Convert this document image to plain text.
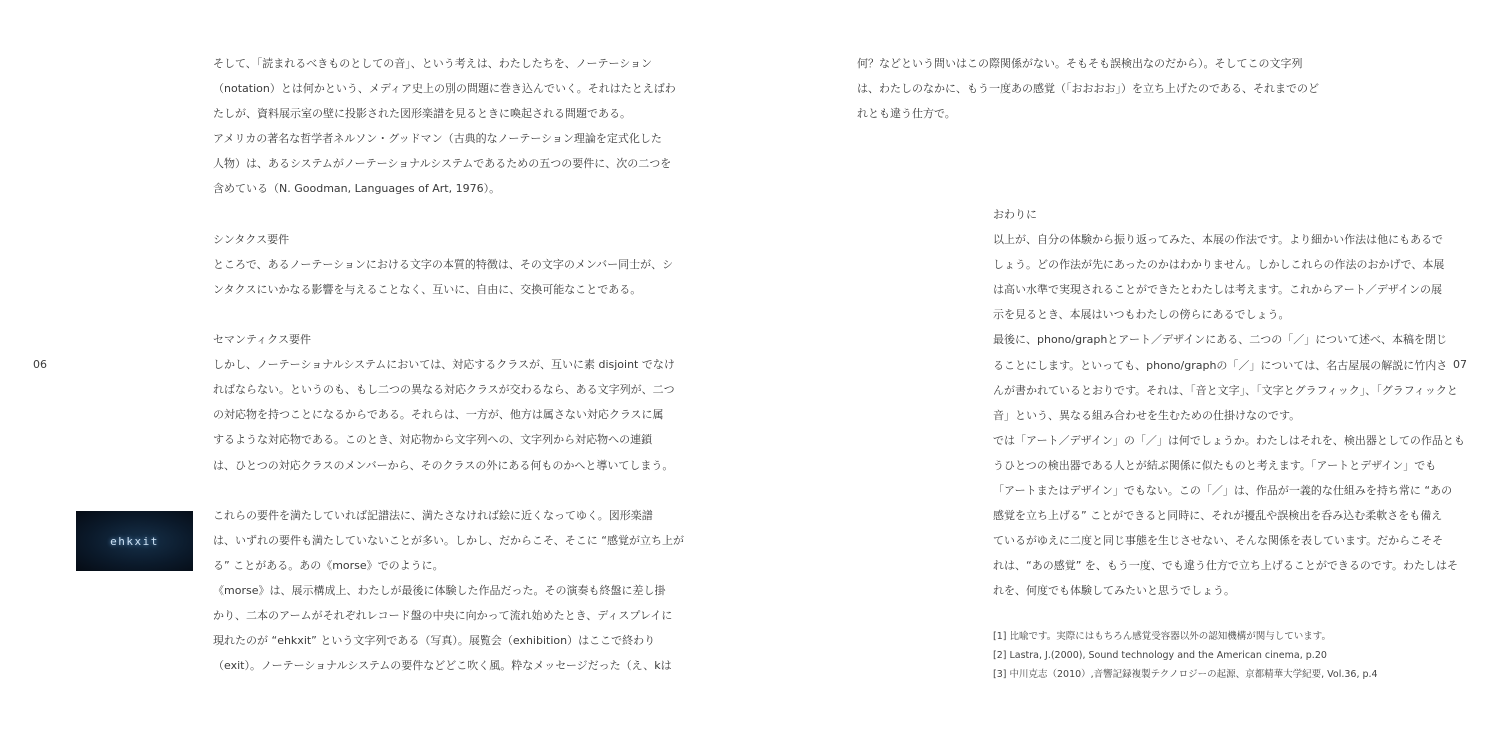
06	07
ehkxit

そして、「読まれるべきものとしての音」、という考えは、わたしたちを、ノーテーション

（notation）とは何かという、メディア史上の別の問題に巻き込んでいく。それはたとえばわ

たしが、資料展示室の壁に投影された図形楽譜を見るときに喚起される問題である。

アメリカの著名な哲学者ネルソン・グッドマン（古典的なノーテーション理論を定式化した

人物）は、あるシステムがノーテーショナルシステムであるための五つの要件に、次の二つを

含めている（N. Goodman, Languages of Art, 1976）。

シンタクス要件

ところで、あるノーテーションにおける文字の本質的特徴は、その文字のメンバー同士が、シ

ンタクスにいかなる影響を与えることなく、互いに、自由に、交換可能なことである。

セマンティクス要件

しかし、ノーテーショナルシステムにおいては、対応するクラスが、互いに素 disjoint でなけ

ればならない。というのも、もし二つの異なる対応クラスが交わるなら、ある文字列が、二つ

の対応物を持つことになるからである。それらは、一方が、他方は属さない対応クラスに属

するような対応物である。このとき、対応物から文字列への、文字列から対応物への連鎖

は、ひとつの対応クラスのメンバーから、そのクラスの外にある何ものかへと導いてしまう。

これらの要件を満たしていれば記譜法に、満たさなければ絵に近くなってゆく。図形楽譜

は、いずれの要件も満たしていないことが多い。しかし、だからこそ、そこに “感覚が立ち上が

る” ことがある。あの《morse》でのように。

《morse》は、展示構成上、わたしが最後に体験した作品だった。その演奏も終盤に差し掛

かり、二本のアームがそれぞれレコード盤の中央に向かって流れ始めたとき、ディスプレイに

現れたのが “ehkxit” という文字列である（写真）。展覧会（exhibition）はここで終わり

（exit）。ノーテーショナルシステムの要件などどこ吹く風。粋なメッセージだった（え、kは

何？などという問いはこの際関係がない。そもそも誤検出なのだから）。そしてこの文字列

は、わたしのなかに、もう一度あの感覚（「おおおお」）を立ち上げたのである、それまでのど

れとも違う仕方で。

おわりに

以上が、自分の体験から振り返ってみた、本展の作法です。より細かい作法は他にもあるで

しょう。どの作法が先にあったのかはわかりません。しかしこれらの作法のおかげで、本展

は高い水準で実現されることができたとわたしは考えます。これからアート／デザインの展

示を見るとき、本展はいつもわたしの傍らにあるでしょう。

最後に、phono/graphとアート／デザインにある、二つの「／」について述べ、本稿を閉じ

ることにします。といっても、phono/graphの「／」については、名古屋展の解説に竹内さ

んが書かれているとおりです。それは、「音と文字」、「文字とグラフィック」、「グラフィックと

音」という、異なる組み合わせを生むための仕掛けなのです。

では「アート／デザイン」の「／」は何でしょうか。わたしはそれを、検出器としての作品とも

うひとつの検出器である人とが結ぶ関係に似たものと考えます。「アートとデザイン」でも

「アートまたはデザイン」でもない。この「／」は、作品が一義的な仕組みを持ち常に “あの

感覚を立ち上げる” ことができると同時に、それが擾乱や誤検出を呑み込む柔軟さをも備え

ているがゆえに二度と同じ事態を生じさせない、そんな関係を表しています。だからこそそ

れは、“あの感覚” を、もう一度、でも違う仕方で立ち上げることができるのです。わたしはそ

れを、何度でも体験してみたいと思うでしょう。

[1] 比喩です。実際にはもちろん感覚受容器以外の認知機構が関与しています。

[2] Lastra, J.(2000), Sound technology and the American cinema, p.20

[3] 中川克志（2010）,音響記録複製テクノロジーの起源、京都精華大学紀要, Vol.36, p.4
